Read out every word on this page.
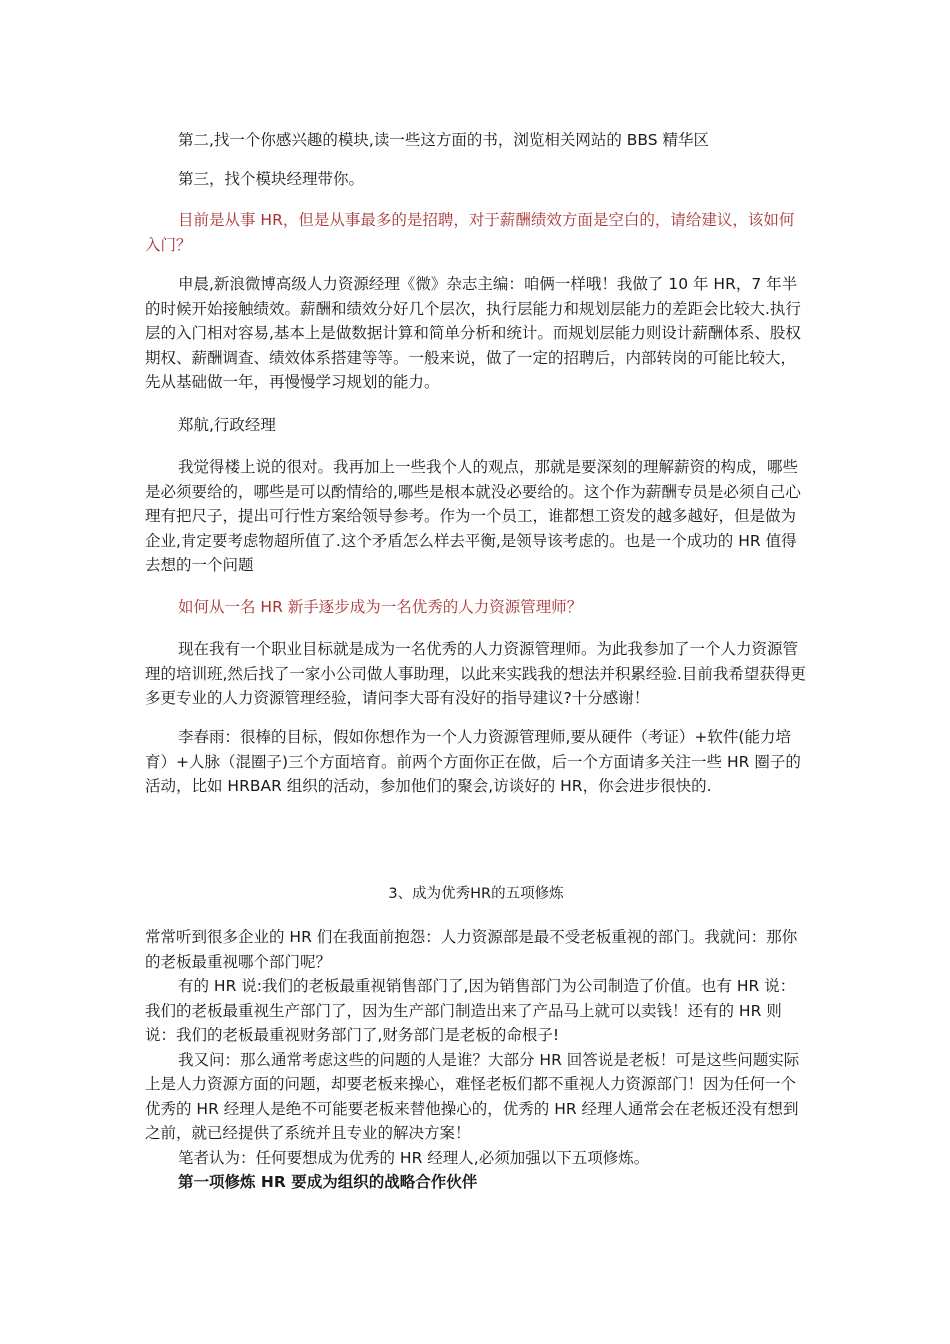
第二,找一个你感兴趣的模块,读一些这方面的书，浏览相关网站的 BBS 精华区

第三，找个模块经理带你。

目前是从事 HR，但是从事最多的是招聘，对于薪酬绩效方面是空白的，请给建议，该如何入门？

申晨,新浪微博高级人力资源经理《微》杂志主编：咱俩一样哦！我做了 10 年 HR，7 年半的时候开始接触绩效。薪酬和绩效分好几个层次，执行层能力和规划层能力的差距会比较大.执行层的入门相对容易,基本上是做数据计算和简单分析和统计。而规划层能力则设计薪酬体系、股权期权、薪酬调查、绩效体系搭建等等。一般来说，做了一定的招聘后，内部转岗的可能比较大，先从基础做一年，再慢慢学习规划的能力。

郑航,行政经理

我觉得楼上说的很对。我再加上一些我个人的观点，那就是要深刻的理解薪资的构成，哪些是必须要给的，哪些是可以酌情给的,哪些是根本就没必要给的。这个作为薪酬专员是必须自己心理有把尺子，提出可行性方案给领导参考。作为一个员工，谁都想工资发的越多越好，但是做为企业,肯定要考虑物超所值了.这个矛盾怎么样去平衡,是领导该考虑的。也是一个成功的 HR 值得去想的一个问题

如何从一名 HR 新手逐步成为一名优秀的人力资源管理师？

现在我有一个职业目标就是成为一名优秀的人力资源管理师。为此我参加了一个人力资源管理的培训班,然后找了一家小公司做人事助理，以此来实践我的想法并积累经验.目前我希望获得更多更专业的人力资源管理经验，请问李大哥有没好的指导建议?十分感谢！

李春雨：很棒的目标，假如你想作为一个人力资源管理师,要从硬件（考证）+软件(能力培育）+人脉（混圈子)三个方面培育。前两个方面你正在做，后一个方面请多关注一些 HR 圈子的活动，比如 HRBAR 组织的活动，参加他们的聚会,访谈好的 HR，你会进步很快的.

3、成为优秀HR的五项修炼

常常听到很多企业的 HR 们在我面前抱怨：人力资源部是最不受老板重视的部门。我就问：那你的老板最重视哪个部门呢？

有的 HR 说:我们的老板最重视销售部门了,因为销售部门为公司制造了价值。也有 HR 说：我们的老板最重视生产部门了，因为生产部门制造出来了产品马上就可以卖钱！还有的 HR 则说：我们的老板最重视财务部门了,财务部门是老板的命根子!

我又问：那么通常考虑这些的问题的人是谁？大部分 HR 回答说是老板！可是这些问题实际上是人力资源方面的问题，却要老板来操心，难怪老板们都不重视人力资源部门！因为任何一个优秀的 HR 经理人是绝不可能要老板来替他操心的，优秀的 HR 经理人通常会在老板还没有想到之前，就已经提供了系统并且专业的解决方案！

笔者认为：任何要想成为优秀的 HR 经理人,必须加强以下五项修炼。

第一项修炼 HR 要成为组织的战略合作伙伴
